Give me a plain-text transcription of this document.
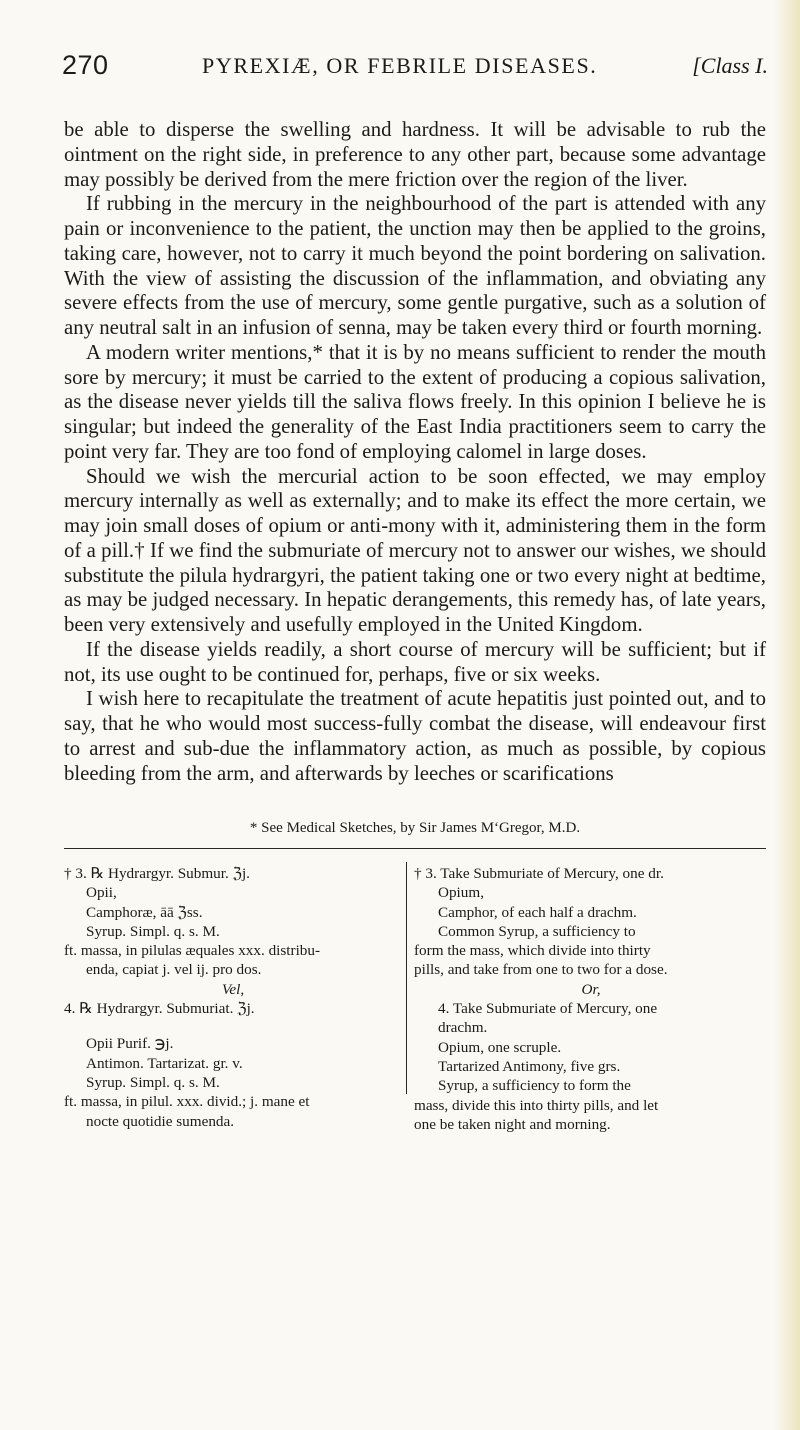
270	PYREXIÆ, OR FEBRILE DISEASES.	[Class I.

be able to disperse the swelling and hardness. It will be advisable to rub the ointment on the right side, in preference to any other part, because some advantage may possibly be derived from the mere friction over the region of the liver.

If rubbing in the mercury in the neighbourhood of the part is attended with any pain or inconvenience to the patient, the unction may then be applied to the groins, taking care, however, not to carry it much beyond the point bordering on salivation. With the view of assisting the discussion of the inflammation, and obviating any severe effects from the use of mercury, some gentle purgative, such as a solution of any neutral salt in an infusion of senna, may be taken every third or fourth morning.

A modern writer mentions,* that it is by no means sufficient to render the mouth sore by mercury; it must be carried to the extent of producing a copious salivation, as the disease never yields till the saliva flows freely. In this opinion I believe he is singular; but indeed the generality of the East India practitioners seem to carry the point very far. They are too fond of employing calomel in large doses.

Should we wish the mercurial action to be soon effected, we may employ mercury internally as well as externally; and to make its effect the more certain, we may join small doses of opium or anti-mony with it, administering them in the form of a pill.† If we find the submuriate of mercury not to answer our wishes, we should substitute the pilula hydrargyri, the patient taking one or two every night at bedtime, as may be judged necessary. In hepatic derangements, this remedy has, of late years, been very extensively and usefully employed in the United Kingdom.

If the disease yields readily, a short course of mercury will be sufficient; but if not, its use ought to be continued for, perhaps, five or six weeks.

I wish here to recapitulate the treatment of acute hepatitis just pointed out, and to say, that he who would most success-fully combat the disease, will endeavour first to arrest and sub-due the inflammatory action, as much as possible, by copious bleeding from the arm, and afterwards by leeches or scarifications

* See Medical Sketches, by Sir James M‘Gregor, M.D.
† 3. ℞ Hydrargyr. Submur. ℨj.
Opii,
Camphoræ, āā ℨss.
Syrup. Simpl. q. s. M.
ft. massa, in pilulas æquales xxx. distribu-
enda, capiat j. vel ij. pro dos.
Vel,
4. ℞ Hydrargyr. Submuriat. ℨj.
Opii Purif. ℈j.
Antimon. Tartarizat. gr. v.
Syrup. Simpl. q. s. M.
ft. massa, in pilul. xxx. divid.; j. mane et
nocte quotidie sumenda.
† 3. Take Submuriate of Mercury, one dr.
Opium,
Camphor, of each half a drachm.
Common Syrup, a sufficiency to
form the mass, which divide into thirty
pills, and take from one to two for a dose.
Or,
4. Take Submuriate of Mercury, one
drachm.
Opium, one scruple.
Tartarized Antimony, five grs.
Syrup, a sufficiency to form the
mass, divide this into thirty pills, and let
one be taken night and morning.
